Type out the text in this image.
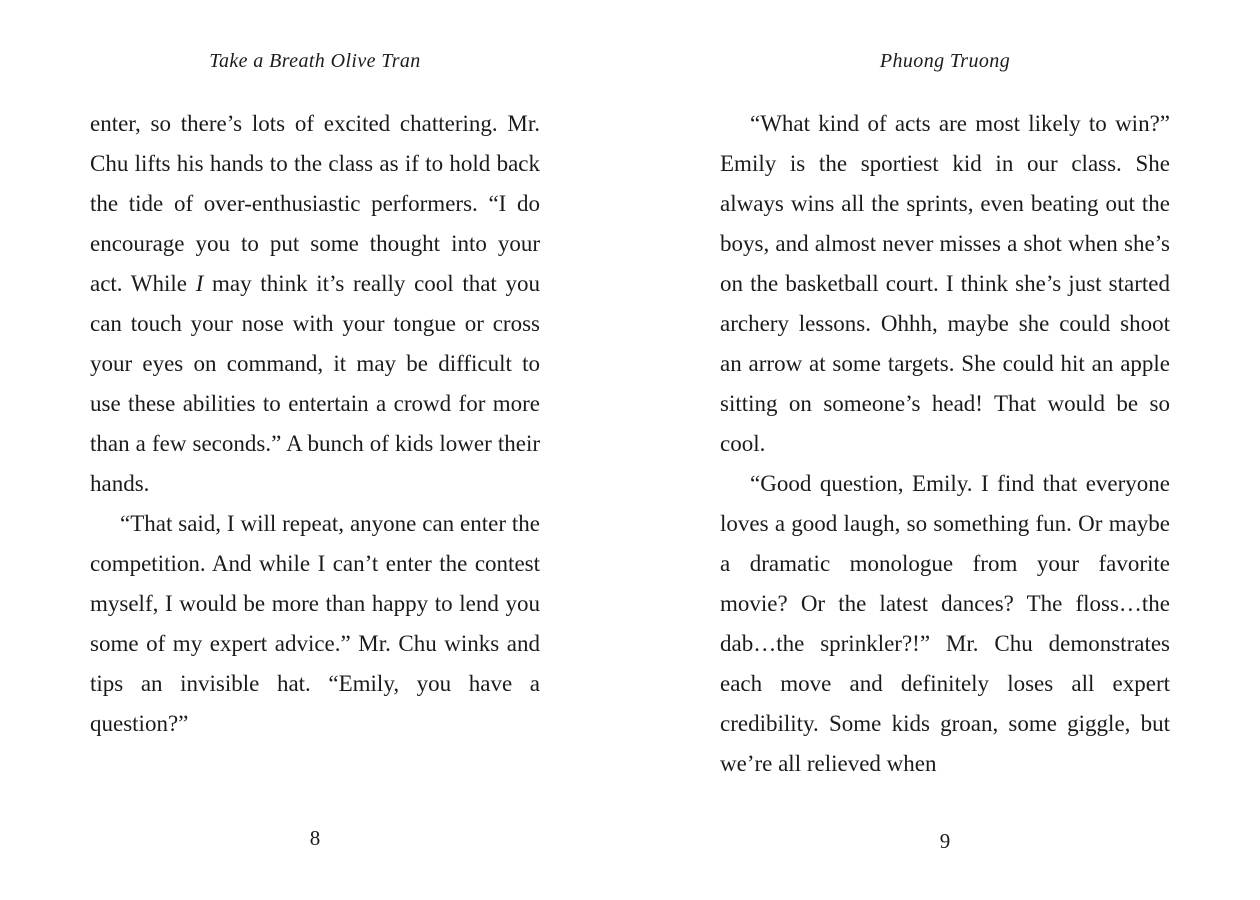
Take a Breath Olive Tran

enter, so there’s lots of excited chattering. Mr. Chu lifts his hands to the class as if to hold back the tide of over-enthusiastic performers. “I do encourage you to put some thought into your act. While I may think it’s really cool that you can touch your nose with your tongue or cross your eyes on command, it may be difficult to use these abilities to entertain a crowd for more than a few seconds.” A bunch of kids lower their hands.

“That said, I will repeat, anyone can enter the competition. And while I can’t enter the contest myself, I would be more than happy to lend you some of my expert advice.” Mr. Chu winks and tips an invisible hat. “Emily, you have a question?”

8
Phuong Truong

“What kind of acts are most likely to win?” Emily is the sportiest kid in our class. She always wins all the sprints, even beating out the boys, and almost never misses a shot when she’s on the basketball court. I think she’s just started archery lessons. Ohhh, maybe she could shoot an arrow at some targets. She could hit an apple sitting on someone’s head! That would be so cool.

“Good question, Emily. I find that everyone loves a good laugh, so something fun. Or maybe a dramatic monologue from your favorite movie? Or the latest dances? The floss…the dab…the sprinkler?!” Mr. Chu demonstrates each move and definitely loses all expert credibility. Some kids groan, some giggle, but we’re all relieved when

9
